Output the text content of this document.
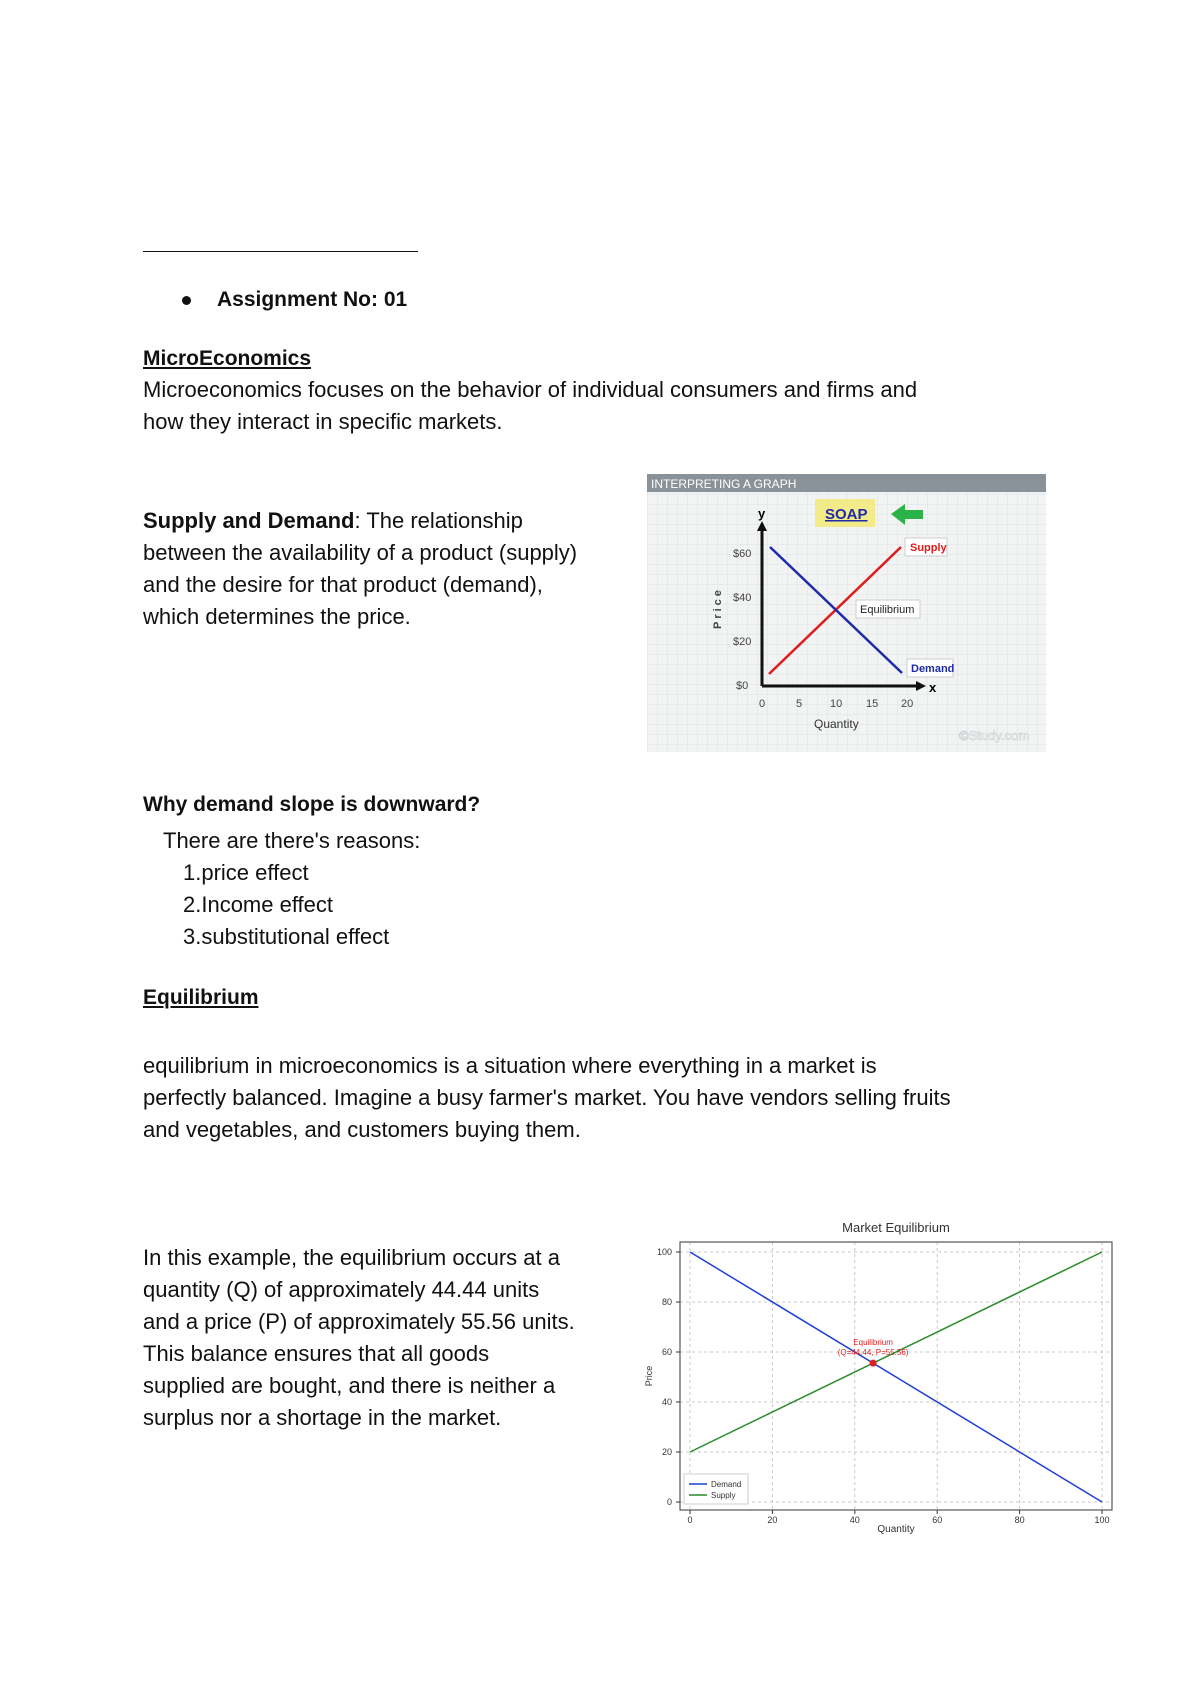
Assignment No: 01
MicroEconomics
Microeconomics focuses on the behavior of individual consumers and firms and
how they interact in specific markets.
Supply and Demand: The relationship
between the availability of a product (supply)
and the desire for that product (demand),
which determines the price.
INTERPRETING A GRAPH
y
x
$60
$40
$20
$0
Price
0	5	10 15 20
Quantity
SOAP
Supply
Equilibrium
Demand
©Study.com
Why demand slope is downward?
There are there's reasons:
1.price effect
2.Income effect
3.substitutional effect
Equilibrium
equilibrium in microeconomics is a situation where everything in a market is
perfectly balanced. Imagine a busy farmer's market. You have vendors selling fruits
and vegetables, and customers buying them.
In this example, the equilibrium occurs at a
quantity (Q) of approximately 44.44 units
and a price (P) of approximately 55.56 units.
This balance ensures that all goods
supplied are bought, and there is neither a
surplus nor a shortage in the market.
Market Equilibrium
Equilibrium
(Q=44.44, P=55.56)
0
20
40
60
80
100
0	20	40	60	80	100
Quantity
Price
Demand
Supply
